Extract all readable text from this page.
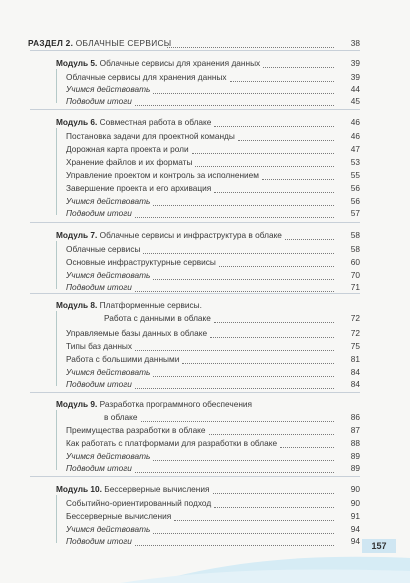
РАЗДЕЛ 2. ОБЛАЧНЫЕ СЕРВИСЫ	38
Модуль 5. Облачные сервисы для хранения данных	39
Облачные сервисы для хранения данных	39
Учимся действовать	44
Подводим итоги	45
Модуль 6. Совместная работа в облаке	46
Постановка задачи для проектной команды	46
Дорожная карта проекта и роли	47
Хранение файлов и их форматы	53
Управление проектом и контроль за исполнением	55
Завершение проекта и его архивация	56
Учимся действовать	56
Подводим итоги	57
Модуль 7. Облачные сервисы и инфраструктура в облаке	58
Облачные сервисы	58
Основные инфраструктурные сервисы	60
Учимся действовать	70
Подводим итоги	71
Модуль 8. Платформенные сервисы.
Работа с данными в облаке	72
Управляемые базы данных в облаке	72
Типы баз данных	75
Работа с большими данными	81
Учимся действовать	84
Подводим итоги	84
Модуль 9. Разработка программного обеспечения
в облаке	86
Преимущества разработки в облаке	87
Как работать с платформами для разработки в облаке	88
Учимся действовать	89
Подводим итоги	89
Модуль 10. Бессерверные вычисления	90
Событийно-ориентированный подход	90
Бессерверные вычисления	91
Учимся действовать	94
Подводим итоги	94	157
